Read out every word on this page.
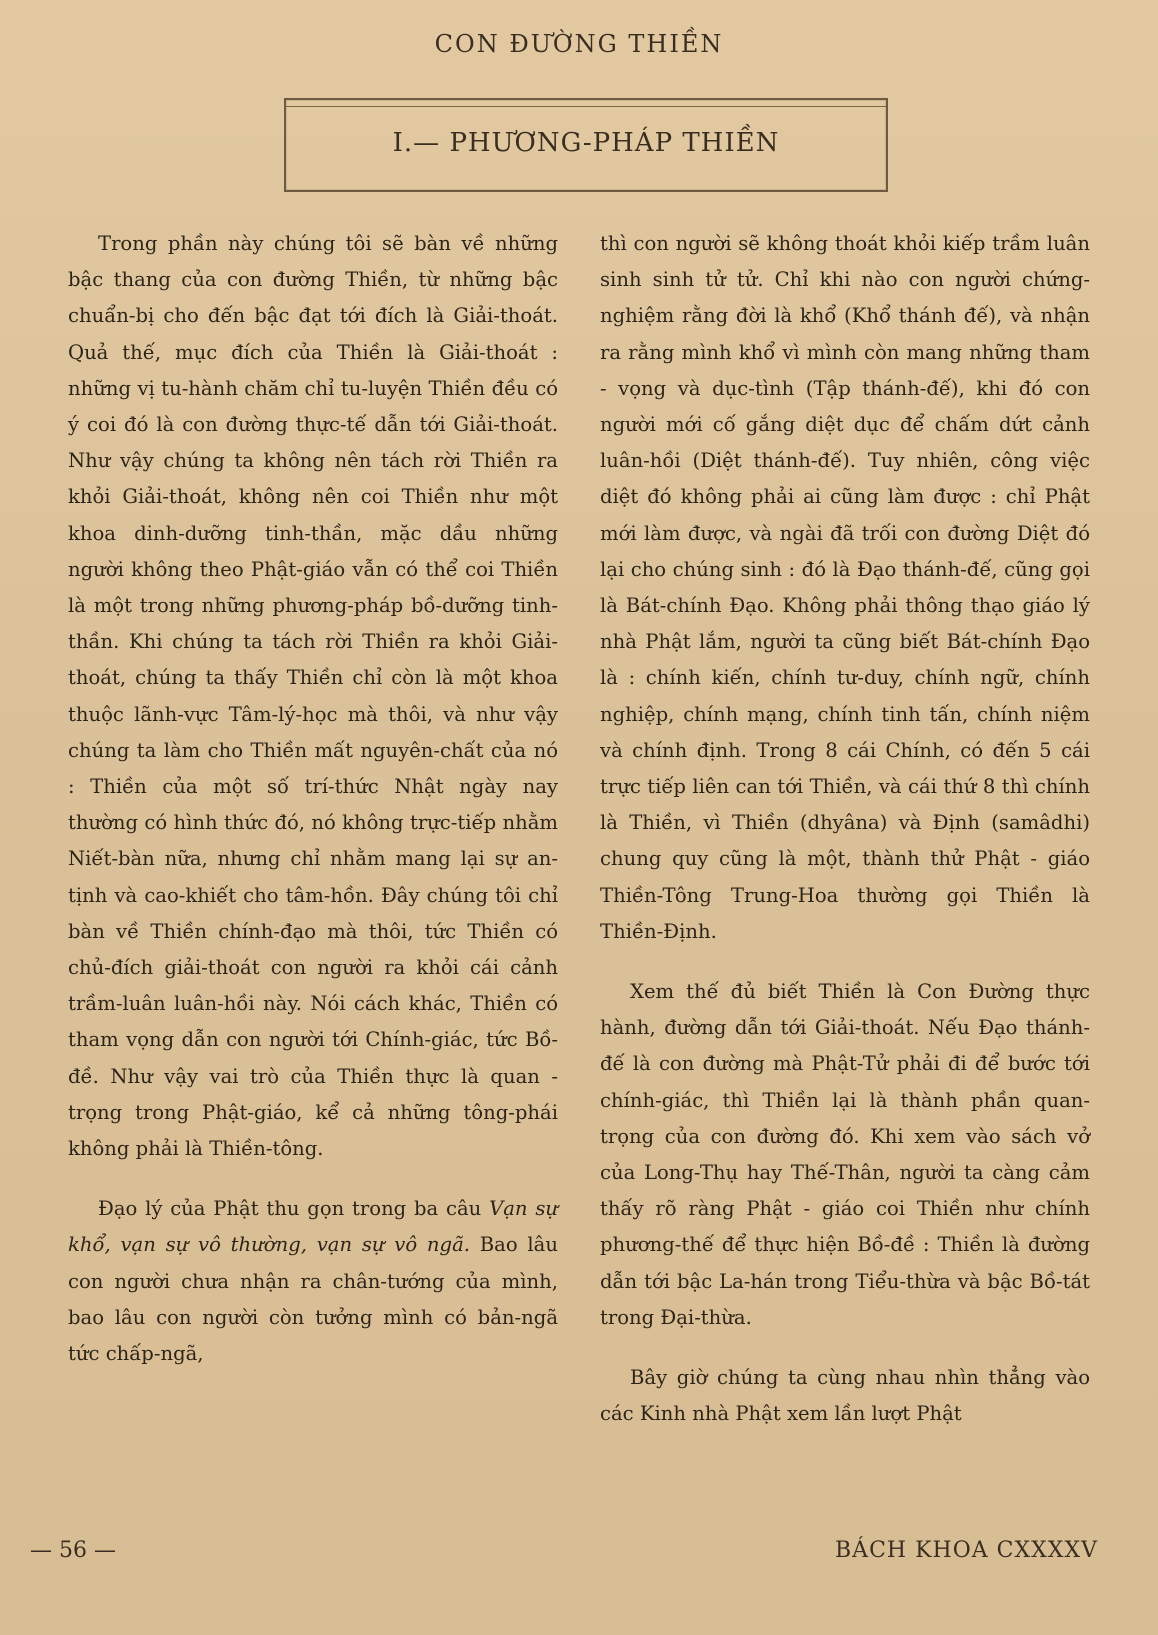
CON ĐƯỜNG THIỀN
I.— PHƯƠNG-PHÁP THIỀN

Trong phần này chúng tôi sẽ bàn về những bậc thang của con đường Thiền, từ những bậc chuẩn-bị cho đến bậc đạt tới đích là Giải-thoát. Quả thế, mục đích của Thiền là Giải-thoát : những vị tu-hành chăm chỉ tu-luyện Thiền đều có ý coi đó là con đường thực-tế dẫn tới Giải-thoát. Như vậy chúng ta không nên tách rời Thiền ra khỏi Giải-thoát, không nên coi Thiền như một khoa dinh-dưỡng tinh-thần, mặc dầu những người không theo Phật-giáo vẫn có thể coi Thiền là một trong những phương-pháp bồ-dưỡng tinh-thần. Khi chúng ta tách rời Thiền ra khỏi Giải-thoát, chúng ta thấy Thiền chỉ còn là một khoa thuộc lãnh-vực Tâm-lý-học mà thôi, và như vậy chúng ta làm cho Thiền mất nguyên-chất của nó : Thiền của một số trí-thức Nhật ngày nay thường có hình thức đó, nó không trực-tiếp nhằm Niết-bàn nữa, nhưng chỉ nhằm mang lại sự an-tịnh và cao-khiết cho tâm-hồn. Đây chúng tôi chỉ bàn về Thiền chính-đạo mà thôi, tức Thiền có chủ-đích giải-thoát con người ra khỏi cái cảnh trầm-luân luân-hồi này. Nói cách khác, Thiền có tham vọng dẫn con người tới Chính-giác, tức Bồ-đề. Như vậy vai trò của Thiền thực là quan - trọng trong Phật-giáo, kể cả những tông-phái không phải là Thiền-tông.

Đạo lý của Phật thu gọn trong ba câu Vạn sự khổ, vạn sự vô thường, vạn sự vô ngã. Bao lâu con người chưa nhận ra chân-tướng của mình, bao lâu con người còn tưởng mình có bản-ngã tức chấp-ngã,

thì con người sẽ không thoát khỏi kiếp trầm luân sinh sinh tử tử. Chỉ khi nào con người chứng-nghiệm rằng đời là khổ (Khổ thánh đế), và nhận ra rằng mình khổ vì mình còn mang những tham - vọng và dục-tình (Tập thánh-đế), khi đó con người mới cố gắng diệt dục để chấm dứt cảnh luân-hồi (Diệt thánh-đế). Tuy nhiên, công việc diệt đó không phải ai cũng làm được : chỉ Phật mới làm được, và ngài đã trối con đường Diệt đó lại cho chúng sinh : đó là Đạo thánh-đế, cũng gọi là Bát-chính Đạo. Không phải thông thạo giáo lý nhà Phật lắm, người ta cũng biết Bát-chính Đạo là : chính kiến, chính tư-duy, chính ngữ, chính nghiệp, chính mạng, chính tinh tấn, chính niệm và chính định. Trong 8 cái Chính, có đến 5 cái trực tiếp liên can tới Thiền, và cái thứ 8 thì chính là Thiền, vì Thiền (dhyâna) và Định (samâdhi) chung quy cũng là một, thành thử Phật - giáo Thiền-Tông Trung-Hoa thường gọi Thiền là Thiền-Định.

Xem thế đủ biết Thiền là Con Đường thực hành, đường dẫn tới Giải-thoát. Nếu Đạo thánh-đế là con đường mà Phật-Tử phải đi để bước tới chính-giác, thì Thiền lại là thành phần quan-trọng của con đường đó. Khi xem vào sách vở của Long-Thụ hay Thế-Thân, người ta càng cảm thấy rõ ràng Phật - giáo coi Thiền như chính phương-thế để thực hiện Bồ-đề : Thiền là đường dẫn tới bậc La-hán trong Tiểu-thừa và bậc Bồ-tát trong Đại-thừa.

Bây giờ chúng ta cùng nhau nhìn thẳng vào các Kinh nhà Phật xem lần lượt Phật

— 56 —	BÁCH KHOA CXXXXV
